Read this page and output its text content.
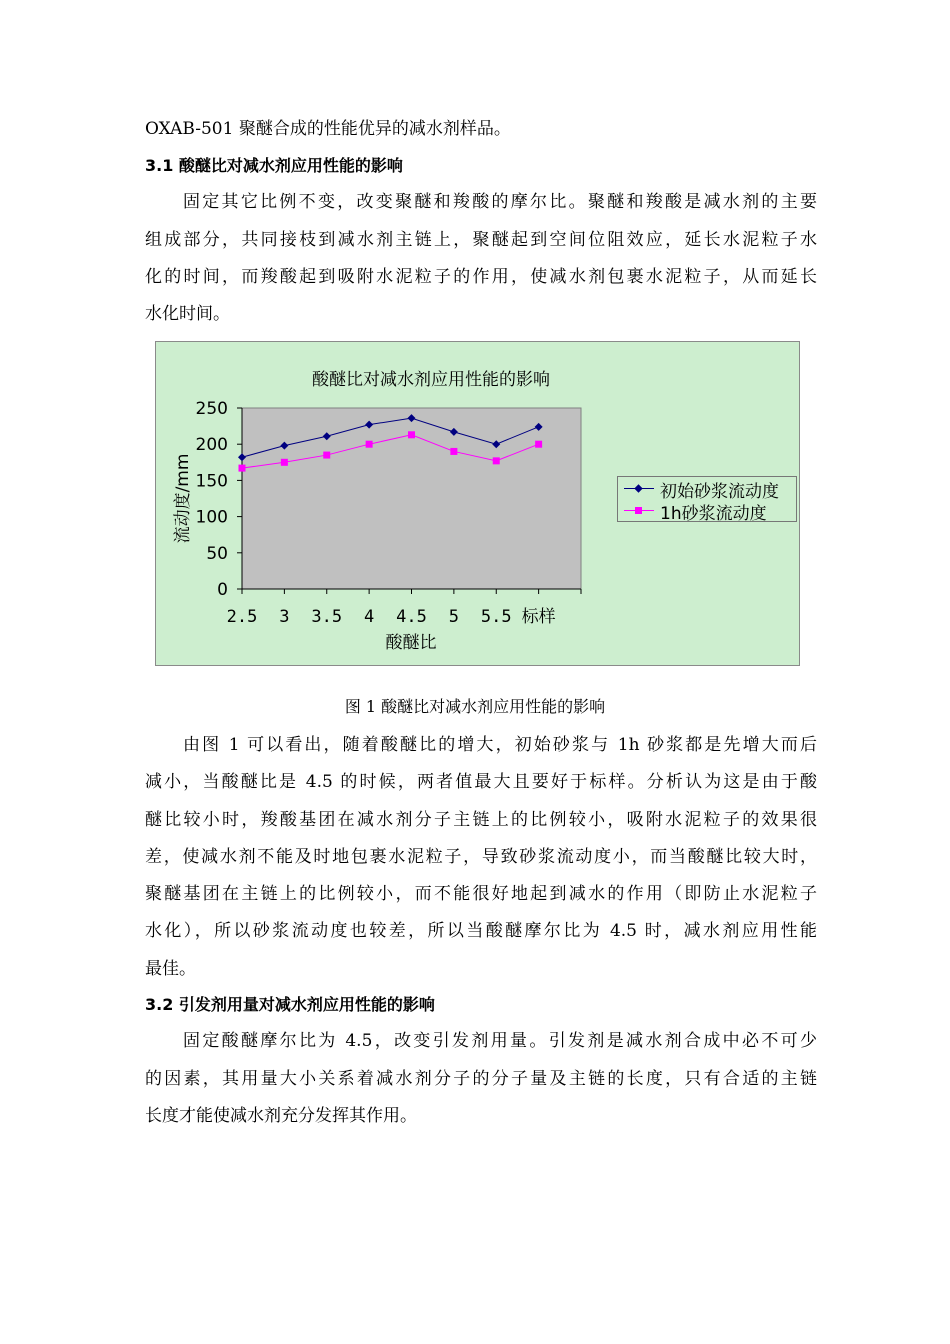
OXAB-501 聚醚合成的性能优异的减水剂样品。
3.1 酸醚比对减水剂应用性能的影响
固定其它比例不变，改变聚醚和羧酸的摩尔比。聚醚和羧酸是减水剂的主要
组成部分，共同接枝到减水剂主链上，聚醚起到空间位阻效应，延长水泥粒子水
化的时间，而羧酸起到吸附水泥粒子的作用，使减水剂包裹水泥粒子，从而延长
水化时间。
酸醚比对减水剂应用性能的影响
0
50
100
150
200
250
2.5 3 3.5 4 4.5 5 5.5 标样
酸醚比
流动度/mm	初始砂浆流动度
1h砂浆流动度
图 1 酸醚比对减水剂应用性能的影响
由图 1 可以看出，随着酸醚比的增大，初始砂浆与 1h 砂浆都是先增大而后
减小，当酸醚比是 4.5 的时候，两者值最大且要好于标样。分析认为这是由于酸
醚比较小时，羧酸基团在减水剂分子主链上的比例较小，吸附水泥粒子的效果很
差，使减水剂不能及时地包裹水泥粒子，导致砂浆流动度小，而当酸醚比较大时，
聚醚基团在主链上的比例较小，而不能很好地起到减水的作用（即防止水泥粒子
水化），所以砂浆流动度也较差，所以当酸醚摩尔比为 4.5 时，减水剂应用性能
最佳。
3.2 引发剂用量对减水剂应用性能的影响
固定酸醚摩尔比为 4.5，改变引发剂用量。引发剂是减水剂合成中必不可少
的因素，其用量大小关系着减水剂分子的分子量及主链的长度，只有合适的主链
长度才能使减水剂充分发挥其作用。
